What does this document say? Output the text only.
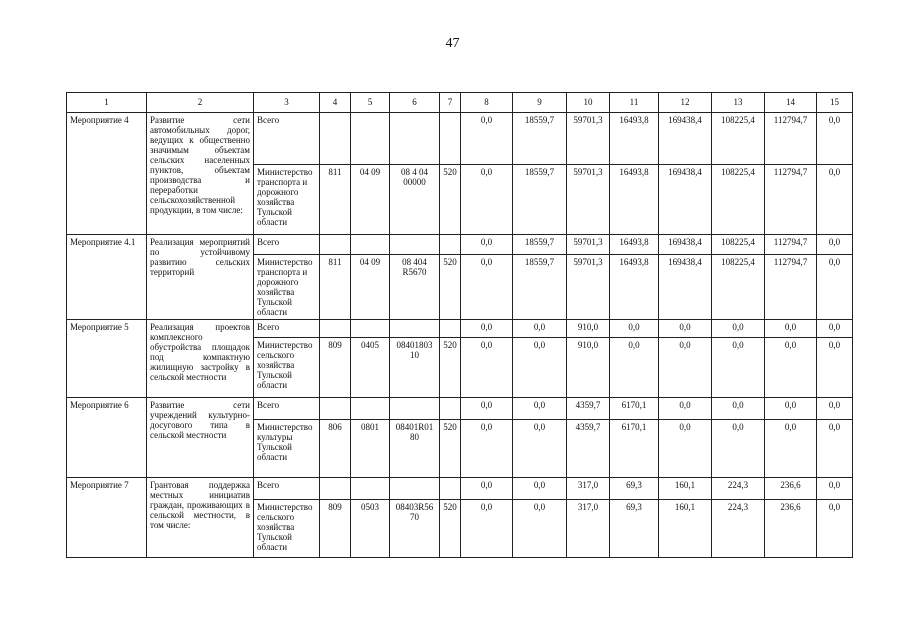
47
1	2	3	4	5	6	7	8	9	10	11	12	13	14	15
Мероприятие 4	Развитие сети автомобильных дорог, ведущих к общественно значимым объектам сельских населенных пунктов, объектам производства и переработки сельскохозяйственной продукции, в том числе:	Всего					0,0	18559,7	59701,3	16493,8	169438,4	108225,4	112794,7	0,0
		Министерство транспорта и дорожного хозяйства Тульской области	811	04 09	08 4 04 00000	520	0,0	18559,7	59701,3	16493,8	169438,4	108225,4	112794,7	0,0
Мероприятие 4.1	Реализация мероприятий по устойчивому развитию сельских территорий	Всего					0,0	18559,7	59701,3	16493,8	169438,4	108225,4	112794,7	0,0
		Министерство транспорта и дорожного хозяйства Тульской области	811	04 09	08 404 R5670	520	0,0	18559,7	59701,3	16493,8	169438,4	108225,4	112794,7	0,0
Мероприятие 5	Реализация проектов комплексного обустройства площадок под компактную жилищную застройку в сельской местности	Всего					0,0	0,0	910,0	0,0	0,0	0,0	0,0	0,0
		Министерство сельского хозяйства Тульской области	809	0405	08401803 10	520	0,0	0,0	910,0	0,0	0,0	0,0	0,0	0,0
Мероприятие 6	Развитие сети учреждений культурно-досугового типа в сельской местности	Всего					0,0	0,0	4359,7	6170,1	0,0	0,0	0,0	0,0
		Министерство культуры Тульской области	806	0801	08401R01 80	520	0,0	0,0	4359,7	6170,1	0,0	0,0	0,0	0,0
Мероприятие 7	Грантовая поддержка местных инициатив граждан, проживающих в сельской местности, в том числе:	Всего					0,0	0,0	317,0	69,3	160,1	224,3	236,6	0,0
		Министерство сельского хозяйства Тульской области	809	0503	08403R56 70	520	0,0	0,0	317,0	69,3	160,1	224,3	236,6	0,0
